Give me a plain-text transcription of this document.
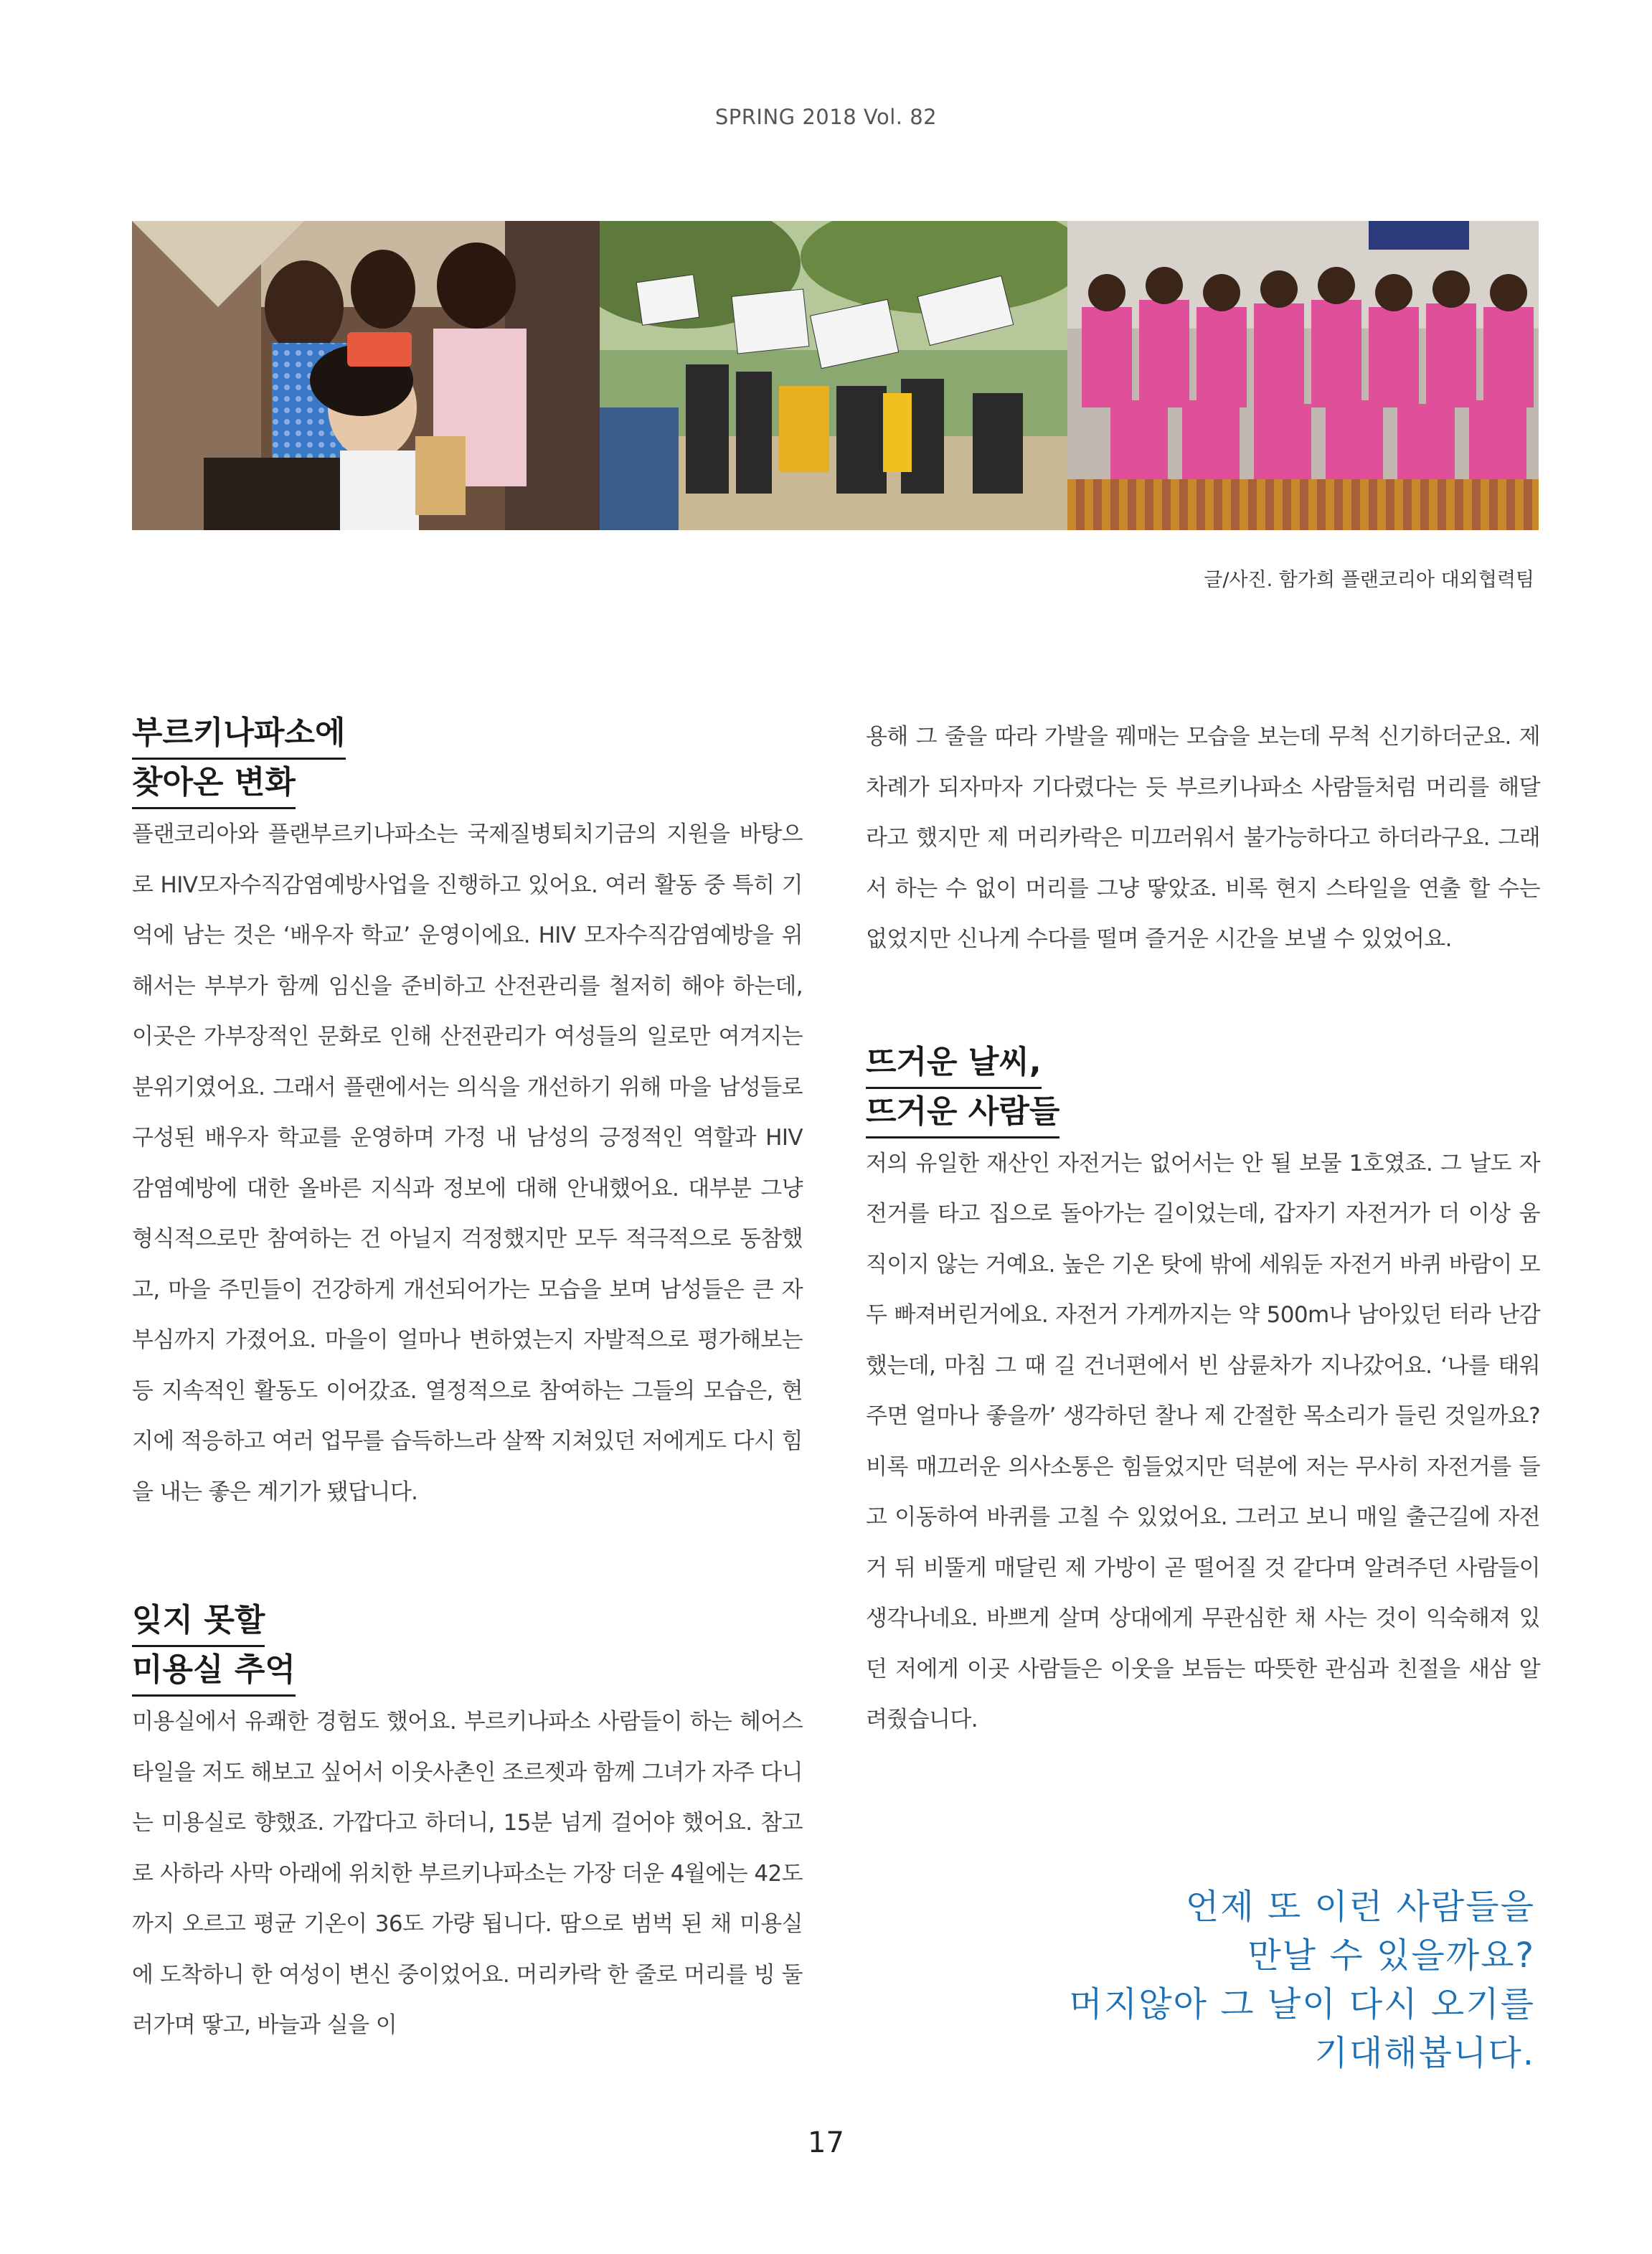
SPRING 2018 Vol. 82
글/사진. 함가희 플랜코리아 대외협력팀
부르키나파소에
찾아온 변화

플랜코리아와 플랜부르키나파소는 국제질병퇴치기금의 지원을 바탕으로 HIV모자수직감염예방사업을 진행하고 있어요. 여러 활동 중 특히 기억에 남는 것은 ‘배우자 학교’ 운영이에요. HIV 모자수직감염예방을 위해서는 부부가 함께 임신을 준비하고 산전관리를 철저히 해야 하는데, 이곳은 가부장적인 문화로 인해 산전관리가 여성들의 일로만 여겨지는 분위기였어요. 그래서 플랜에서는 의식을 개선하기 위해 마을 남성들로 구성된 배우자 학교를 운영하며 가정 내 남성의 긍정적인 역할과 HIV 감염예방에 대한 올바른 지식과 정보에 대해 안내했어요. 대부분 그냥 형식적으로만 참여하는 건 아닐지 걱정했지만 모두 적극적으로 동참했고, 마을 주민들이 건강하게 개선되어가는 모습을 보며 남성들은 큰 자부심까지 가졌어요. 마을이 얼마나 변하였는지 자발적으로 평가해보는 등 지속적인 활동도 이어갔죠. 열정적으로 참여하는 그들의 모습은, 현지에 적응하고 여러 업무를 습득하느라 살짝 지쳐있던 저에게도 다시 힘을 내는 좋은 계기가 됐답니다.

잊지 못할
미용실 추억

미용실에서 유쾌한 경험도 했어요. 부르키나파소 사람들이 하는 헤어스타일을 저도 해보고 싶어서 이웃사촌인 조르젯과 함께 그녀가 자주 다니는 미용실로 향했죠. 가깝다고 하더니, 15분 넘게 걸어야 했어요. 참고로 사하라 사막 아래에 위치한 부르키나파소는 가장 더운 4월에는 42도까지 오르고 평균 기온이 36도 가량 됩니다. 땀으로 범벅 된 채 미용실에 도착하니 한 여성이 변신 중이었어요. 머리카락 한 줄로 머리를 빙 둘러가며 땋고, 바늘과 실을 이

용해 그 줄을 따라 가발을 꿰매는 모습을 보는데 무척 신기하더군요. 제 차례가 되자마자 기다렸다는 듯 부르키나파소 사람들처럼 머리를 해달라고 했지만 제 머리카락은 미끄러워서 불가능하다고 하더라구요. 그래서 하는 수 없이 머리를 그냥 땋았죠. 비록 현지 스타일을 연출 할 수는 없었지만 신나게 수다를 떨며 즐거운 시간을 보낼 수 있었어요.

뜨거운 날씨,
뜨거운 사람들

저의 유일한 재산인 자전거는 없어서는 안 될 보물 1호였죠. 그 날도 자전거를 타고 집으로 돌아가는 길이었는데, 갑자기 자전거가 더 이상 움직이지 않는 거예요. 높은 기온 탓에 밖에 세워둔 자전거 바퀴 바람이 모두 빠져버린거에요. 자전거 가게까지는 약 500m나 남아있던 터라 난감했는데, 마침 그 때 길 건너편에서 빈 삼륜차가 지나갔어요. ‘나를 태워주면 얼마나 좋을까’ 생각하던 찰나 제 간절한 목소리가 들린 것일까요? 비록 매끄러운 의사소통은 힘들었지만 덕분에 저는 무사히 자전거를 들고 이동하여 바퀴를 고칠 수 있었어요. 그러고 보니 매일 출근길에 자전거 뒤 비뚤게 매달린 제 가방이 곧 떨어질 것 같다며 알려주던 사람들이 생각나네요. 바쁘게 살며 상대에게 무관심한 채 사는 것이 익숙해져 있던 저에게 이곳 사람들은 이웃을 보듬는 따뜻한 관심과 친절을 새삼 알려줬습니다.

언제 또 이런 사람들을
만날 수 있을까요?
머지않아 그 날이 다시 오기를
기대해봅니다.
17
